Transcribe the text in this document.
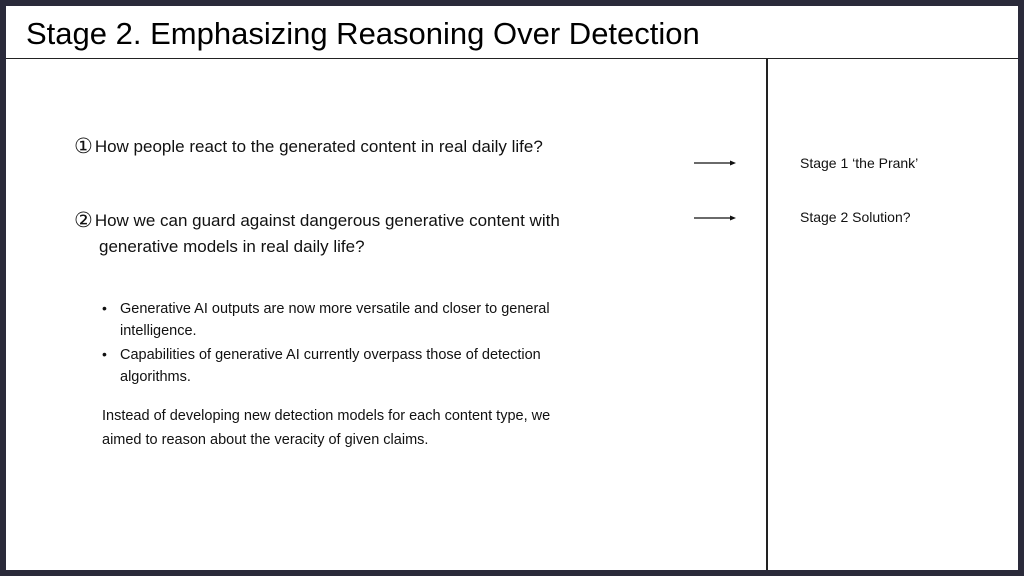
Stage 2. Emphasizing Reasoning Over Detection
① How people react to the generated content in real daily life?
② How we can guard against dangerous generative content with
generative models in real daily life?
• Generative AI outputs are now more versatile and closer to general
intelligence.
• Capabilities of generative AI currently overpass those of detection
algorithms.
Instead of developing new detection models for each content type, we
aimed to reason about the veracity of given claims.
Stage 1 ‘the Prank’
Stage 2 Solution?
